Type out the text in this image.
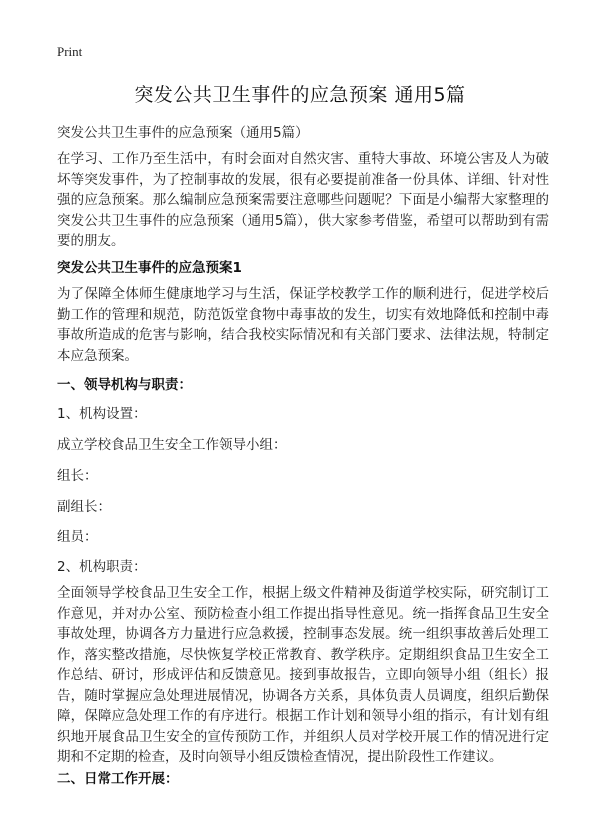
Print
突发公共卫生事件的应急预案 通用5篇
突发公共卫生事件的应急预案（通用5篇）
在学习、工作乃至生活中，有时会面对自然灾害、重特大事故、环境公害及人为破坏等突发事件，为了控制事故的发展，很有必要提前准备一份具体、详细、针对性强的应急预案。那么编制应急预案需要注意哪些问题呢？下面是小编帮大家整理的突发公共卫生事件的应急预案（通用5篇），供大家参考借鉴，希望可以帮助到有需要的朋友。
突发公共卫生事件的应急预案1
为了保障全体师生健康地学习与生活，保证学校教学工作的顺利进行，促进学校后勤工作的管理和规范，防范饭堂食物中毒事故的发生，切实有效地降低和控制中毒事故所造成的危害与影响，结合我校实际情况和有关部门要求、法律法规，特制定本应急预案。
一、领导机构与职责：
1、机构设置：
成立学校食品卫生安全工作领导小组：
组长：
副组长：
组员：
2、机构职责：
全面领导学校食品卫生安全工作，根据上级文件精神及街道学校实际，研究制订工作意见，并对办公室、预防检查小组工作提出指导性意见。统一指挥食品卫生安全事故处理，协调各方力量进行应急救援，控制事态发展。统一组织事故善后处理工作，落实整改措施，尽快恢复学校正常教育、教学秩序。定期组织食品卫生安全工作总结、研讨，形成评估和反馈意见。接到事故报告，立即向领导小组（组长）报告，随时掌握应急处理进展情况，协调各方关系，具体负责人员调度，组织后勤保障，保障应急处理工作的有序进行。根据工作计划和领导小组的指示，有计划有组织地开展食品卫生安全的宣传预防工作，并组织人员对学校开展工作的情况进行定期和不定期的检查，及时向领导小组反馈检查情况，提出阶段性工作建议。
二、日常工作开展：
